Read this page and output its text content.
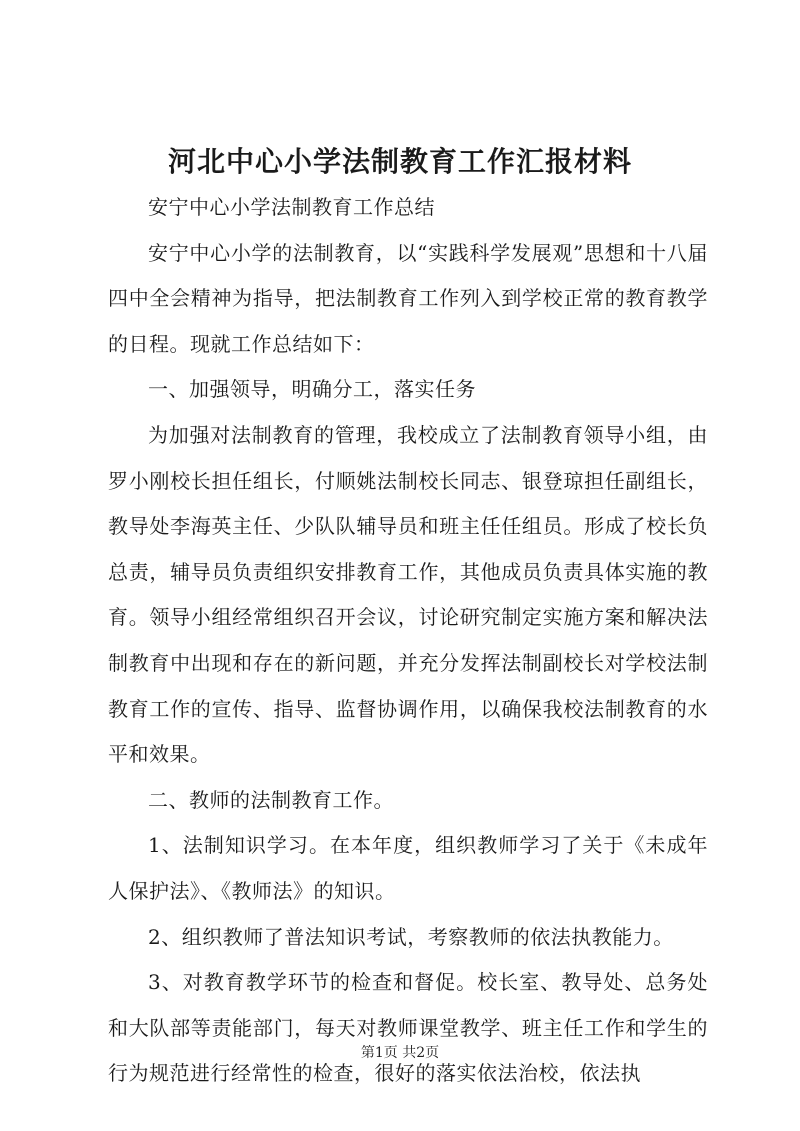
河北中心小学法制教育工作汇报材料

安宁中心小学法制教育工作总结

安宁中心小学的法制教育，以“实践科学发展观”思想和十八届四中全会精神为指导，把法制教育工作列入到学校正常的教育教学的日程。现就工作总结如下：

一、加强领导，明确分工，落实任务

为加强对法制教育的管理，我校成立了法制教育领导小组，由罗小刚校长担任组长，付顺姚法制校长同志、银登琼担任副组长，教导处李海英主任、少队队辅导员和班主任任组员。形成了校长负总责，辅导员负责组织安排教育工作，其他成员负责具体实施的教育。领导小组经常组织召开会议，讨论研究制定实施方案和解决法制教育中出现和存在的新问题，并充分发挥法制副校长对学校法制教育工作的宣传、指导、监督协调作用，以确保我校法制教育的水平和效果。

二、教师的法制教育工作。

1、法制知识学习。在本年度，组织教师学习了关于《未成年人保护法》、《教师法》的知识。

2、组织教师了普法知识考试，考察教师的依法执教能力。

3、对教育教学环节的检查和督促。校长室、教导处、总务处和大队部等责能部门，每天对教师课堂教学、班主任工作和学生的行为规范进行经常性的检查，很好的落实依法治校，依法执

第1页 共2页
